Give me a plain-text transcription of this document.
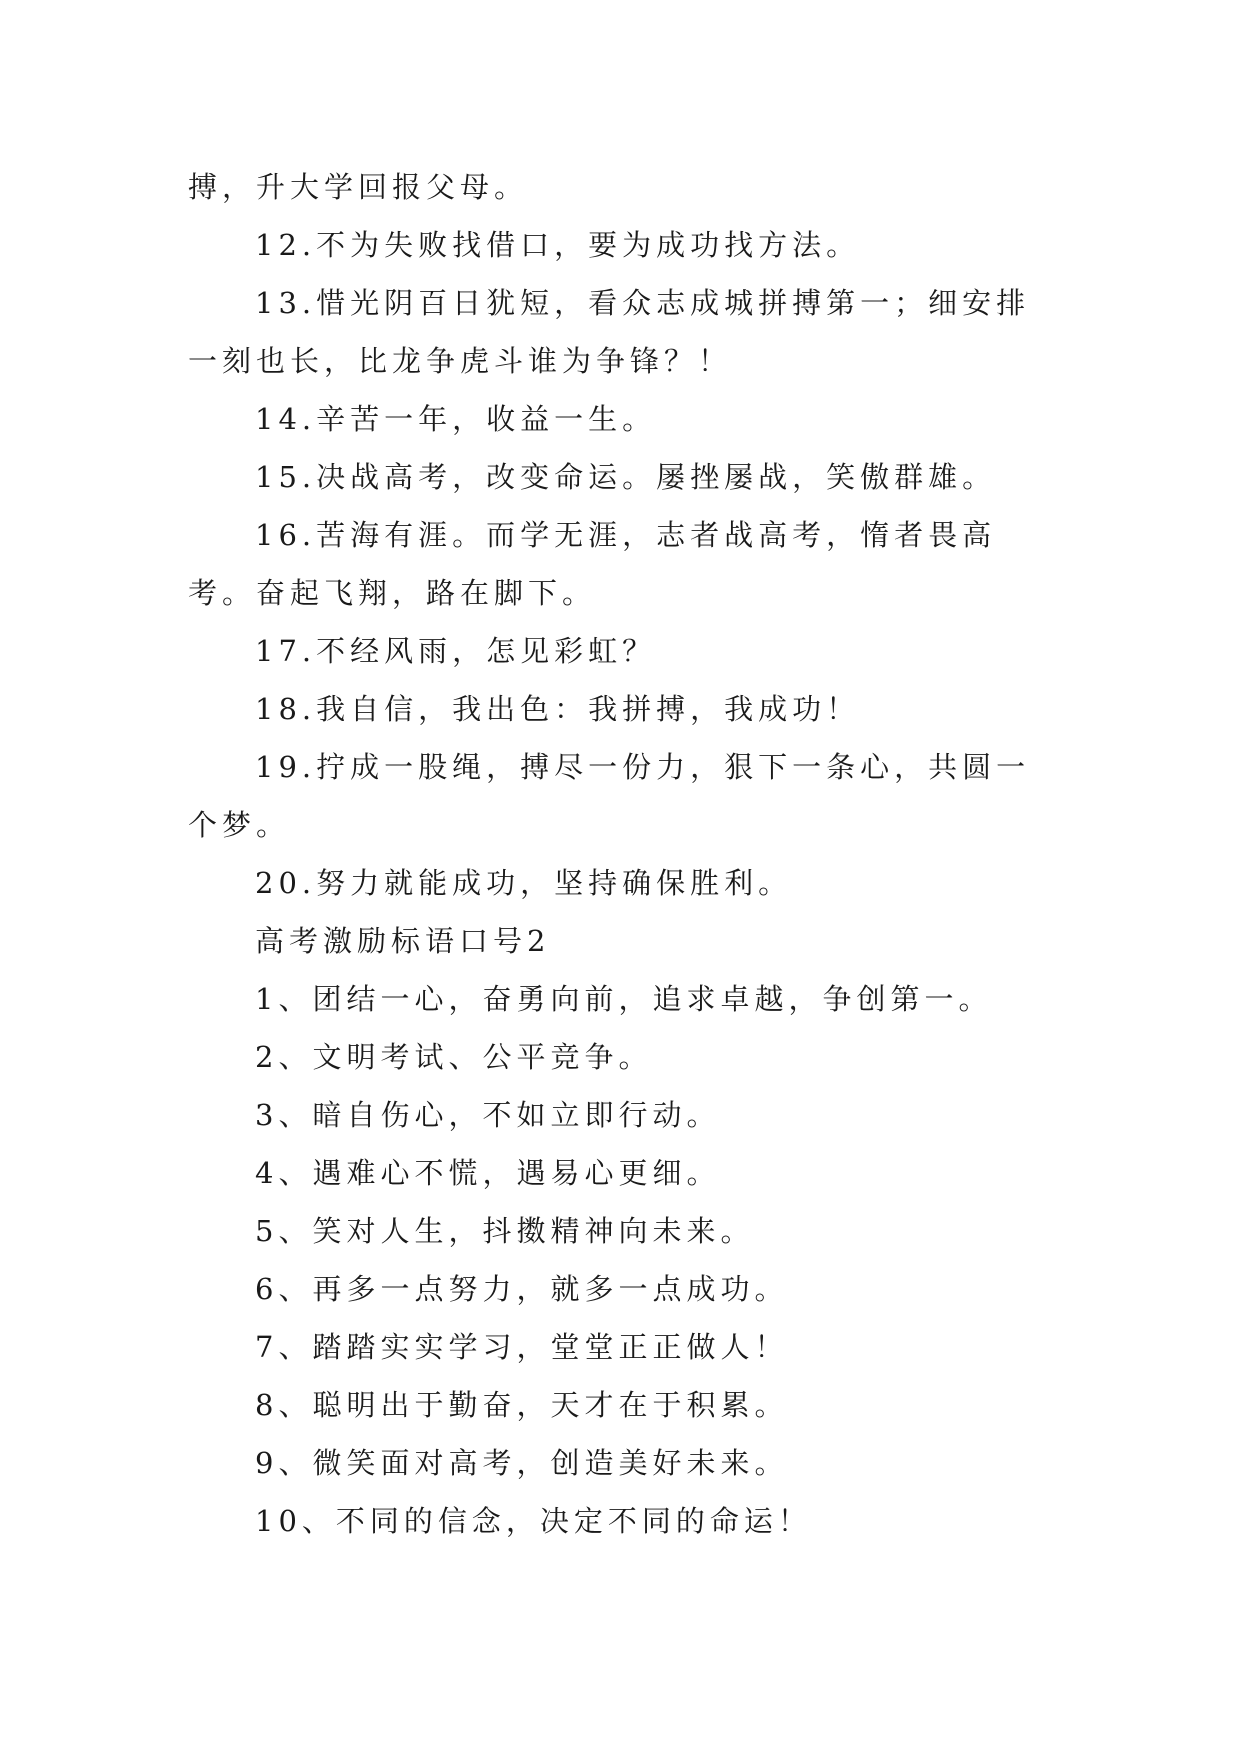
搏，升大学回报父母。

12.不为失败找借口，要为成功找方法。

13.惜光阴百日犹短，看众志成城拼搏第一；细安排一刻也长，比龙争虎斗谁为争锋？！

14.辛苦一年，收益一生。

15.决战高考，改变命运。屡挫屡战，笑傲群雄。

16.苦海有涯。而学无涯，志者战高考，惰者畏高考。奋起飞翔，路在脚下。

17.不经风雨，怎见彩虹？

18.我自信，我出色：我拼搏，我成功！

19.拧成一股绳，搏尽一份力，狠下一条心，共圆一个梦。

20.努力就能成功，坚持确保胜利。

高考激励标语口号2

1、团结一心，奋勇向前，追求卓越，争创第一。

2、文明考试、公平竞争。

3、暗自伤心，不如立即行动。

4、遇难心不慌，遇易心更细。

5、笑对人生，抖擞精神向未来。

6、再多一点努力，就多一点成功。

7、踏踏实实学习，堂堂正正做人！

8、聪明出于勤奋，天才在于积累。

9、微笑面对高考，创造美好未来。

10、不同的信念，决定不同的命运！
